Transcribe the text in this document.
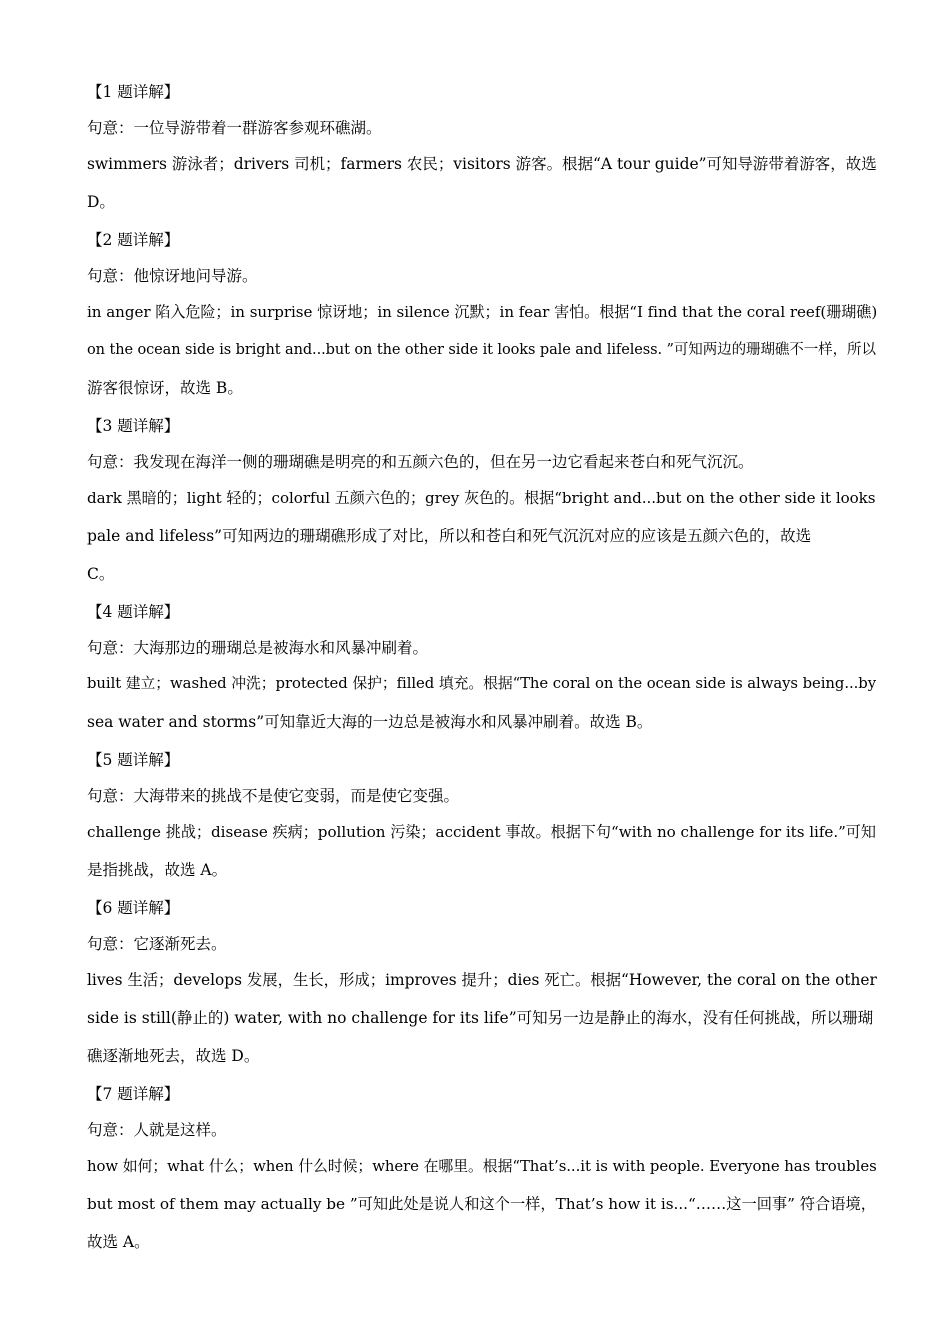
【1 题详解】
句意：一位导游带着一群游客参观环礁湖。
swimmers 游泳者；drivers 司机；farmers 农民；visitors 游客。根据“A tour guide”可知导游带着游客，故选
D。
【2 题详解】
句意：他惊讶地问导游。
in anger 陷入危险；in surprise 惊讶地；in silence 沉默；in fear 害怕。根据“I find that the coral reef(珊瑚礁)
on the ocean side is bright and...but on the other side it looks pale and lifeless. ”可知两边的珊瑚礁不一样，所以
游客很惊讶，故选 B。
【3 题详解】
句意：我发现在海洋一侧的珊瑚礁是明亮的和五颜六色的，但在另一边它看起来苍白和死气沉沉。
dark 黑暗的；light 轻的；colorful 五颜六色的；grey 灰色的。根据“bright and...but on the other side it looks
pale and lifeless”可知两边的珊瑚礁形成了对比，所以和苍白和死气沉沉对应的应该是五颜六色的，故选
C。
【4 题详解】
句意：大海那边的珊瑚总是被海水和风暴冲刷着。
built 建立；washed 冲洗；protected 保护；filled 填充。根据“The coral on the ocean side is always being...by
sea water and storms”可知靠近大海的一边总是被海水和风暴冲刷着。故选 B。
【5 题详解】
句意：大海带来的挑战不是使它变弱，而是使它变强。
challenge 挑战；disease 疾病；pollution 污染；accident 事故。根据下句“with no challenge for its life.”可知
是指挑战，故选 A。
【6 题详解】
句意：它逐渐死去。
lives 生活；develops 发展，生长，形成；improves 提升；dies 死亡。根据“However, the coral on the other
side is still(静止的) water, with no challenge for its life”可知另一边是静止的海水，没有任何挑战，所以珊瑚
礁逐渐地死去，故选 D。
【7 题详解】
句意：人就是这样。
how 如何；what 什么；when 什么时候；where 在哪里。根据“That’s...it is with people. Everyone has troubles
but most of them may actually be ”可知此处是说人和这个一样，That’s how it is...“……这一回事” 符合语境，
故选 A。
